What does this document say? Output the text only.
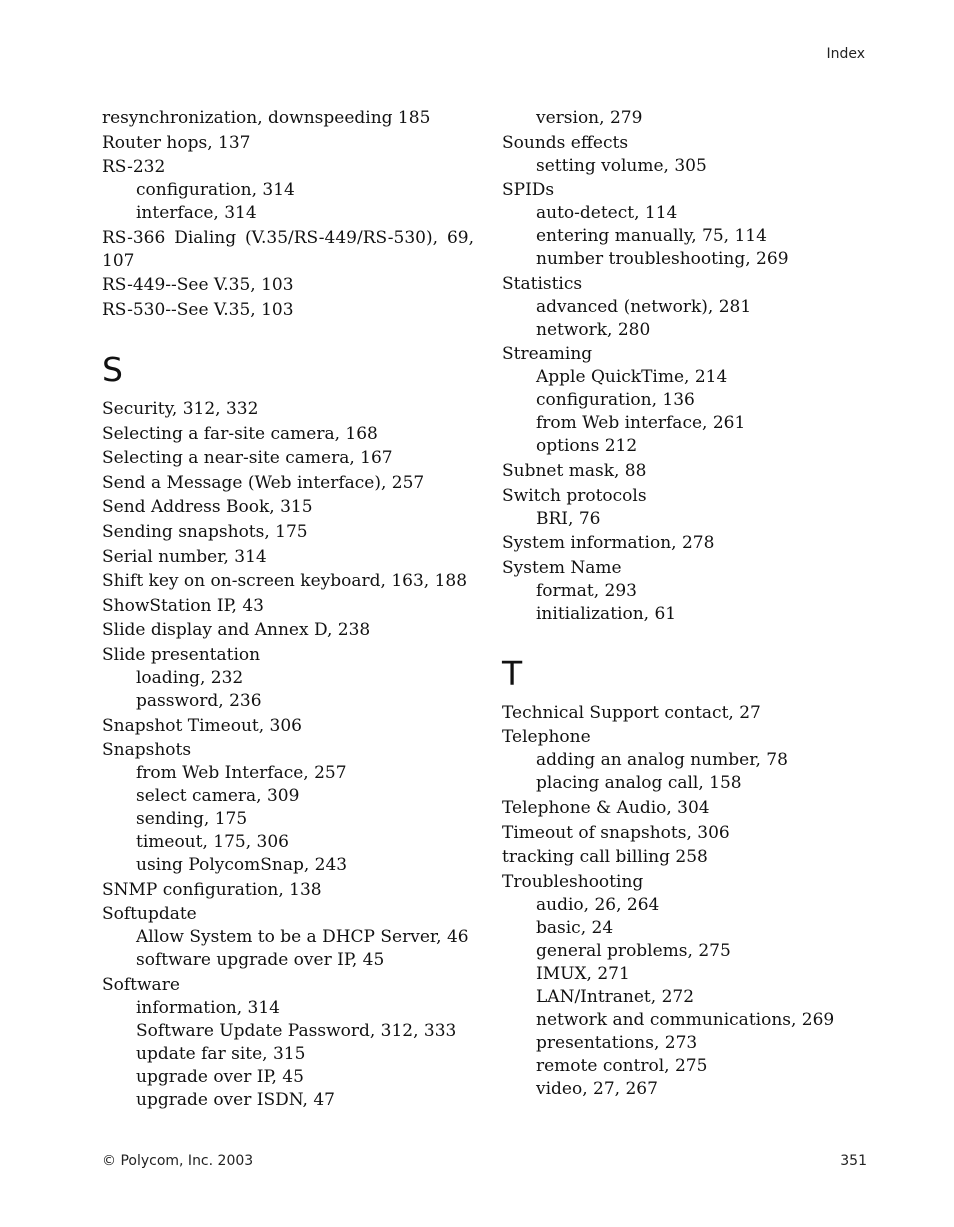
Index
resynchronization, downspeeding 185
Router hops, 137
RS-232
configuration, 314
interface, 314
RS-366 Dialing (V.35/RS-449/RS-530), 69, 107
RS-449--See V.35, 103
RS-530--See V.35, 103
S
Security, 312, 332
Selecting a far-site camera, 168
Selecting a near-site camera, 167
Send a Message (Web interface), 257
Send Address Book, 315
Sending snapshots, 175
Serial number, 314
Shift key on on-screen keyboard, 163, 188
ShowStation IP, 43
Slide display and Annex D, 238
Slide presentation
loading, 232
password, 236
Snapshot Timeout, 306
Snapshots
from Web Interface, 257
select camera, 309
sending, 175
timeout, 175, 306
using PolycomSnap, 243
SNMP configuration, 138
Softupdate
Allow System to be a DHCP Server, 46
software upgrade over IP, 45
Software
information, 314
Software Update Password, 312, 333
update far site, 315
upgrade over IP, 45
upgrade over ISDN, 47
version, 279
Sounds effects
setting volume, 305
SPIDs
auto-detect, 114
entering manually, 75, 114
number troubleshooting, 269
Statistics
advanced (network), 281
network, 280
Streaming
Apple QuickTime, 214
configuration, 136
from Web interface, 261
options 212
Subnet mask, 88
Switch protocols
BRI, 76
System information, 278
System Name
format, 293
initialization, 61
T
Technical Support contact, 27
Telephone
adding an analog number, 78
placing analog call, 158
Telephone & Audio, 304
Timeout of snapshots, 306
tracking call billing 258
Troubleshooting
audio, 26, 264
basic, 24
general problems, 275
IMUX, 271
LAN/Intranet, 272
network and communications, 269
presentations, 273
remote control, 275
video, 27, 267
© Polycom, Inc. 2003	351
